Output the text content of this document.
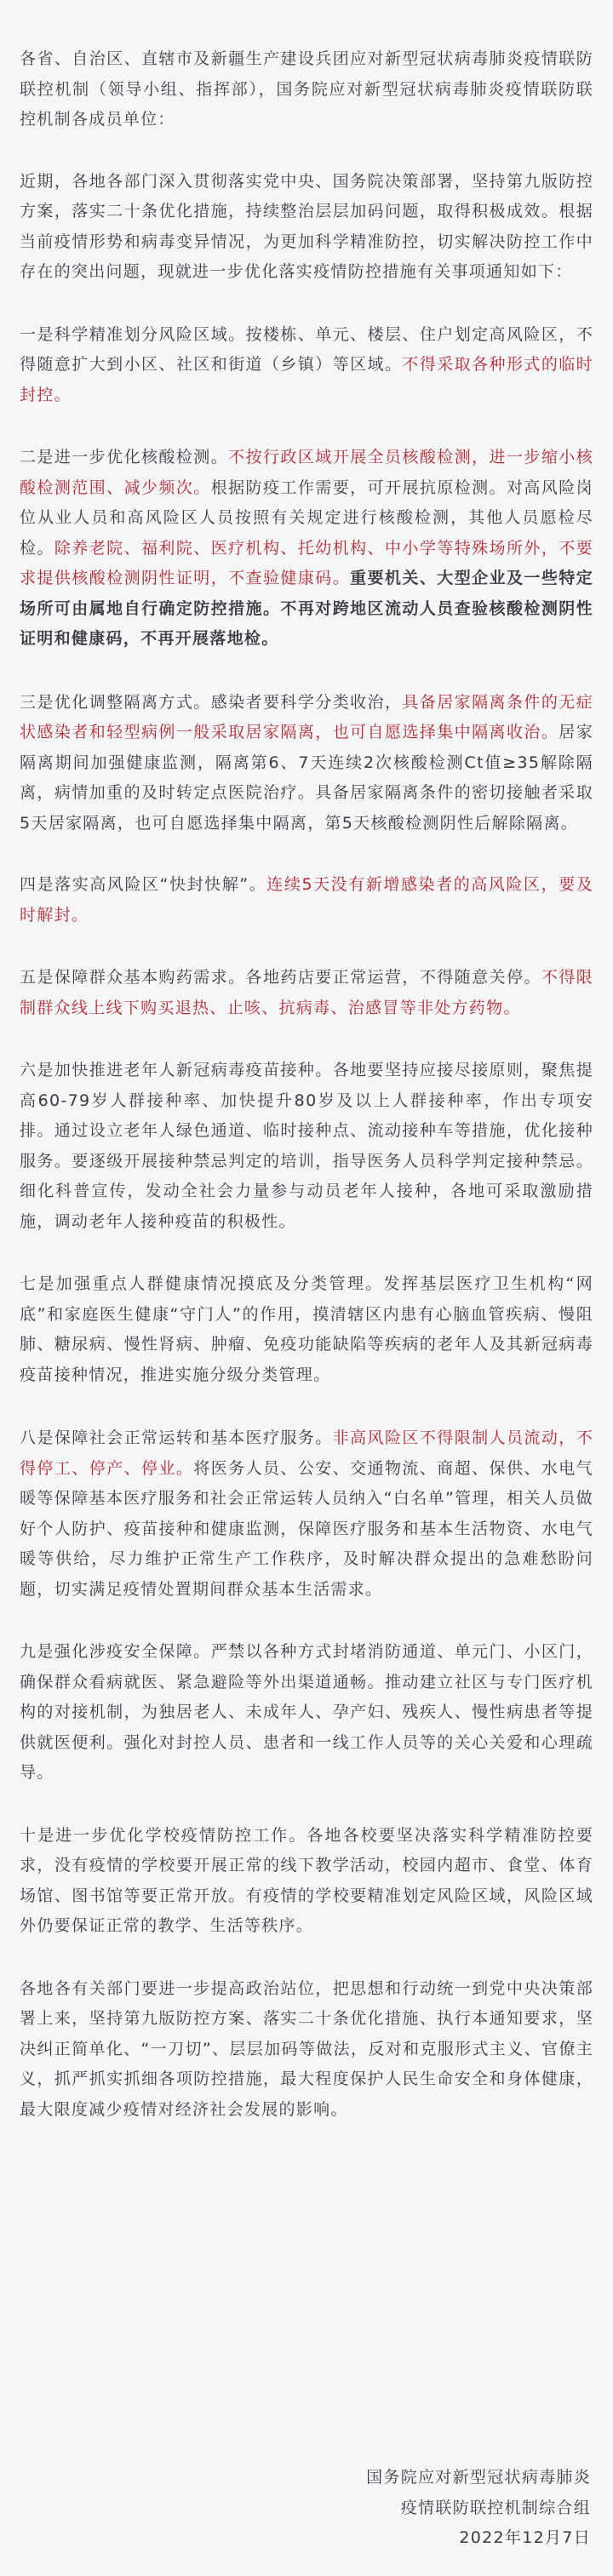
各省、自治区、直辖市及新疆生产建设兵团应对新型冠状病毒肺炎疫情联防联控机制（领导小组、指挥部），国务院应对新型冠状病毒肺炎疫情联防联控机制各成员单位：

近期，各地各部门深入贯彻落实党中央、国务院决策部署，坚持第九版防控方案，落实二十条优化措施，持续整治层层加码问题，取得积极成效。根据当前疫情形势和病毒变异情况，为更加科学精准防控，切实解决防控工作中存在的突出问题，现就进一步优化落实疫情防控措施有关事项通知如下：

一是科学精准划分风险区域。按楼栋、单元、楼层、住户划定高风险区，不得随意扩大到小区、社区和街道（乡镇）等区域。不得采取各种形式的临时封控。

二是进一步优化核酸检测。不按行政区域开展全员核酸检测，进一步缩小核酸检测范围、减少频次。根据防疫工作需要，可开展抗原检测。对高风险岗位从业人员和高风险区人员按照有关规定进行核酸检测，其他人员愿检尽检。除养老院、福利院、医疗机构、托幼机构、中小学等特殊场所外，不要求提供核酸检测阴性证明，不查验健康码。重要机关、大型企业及一些特定场所可由属地自行确定防控措施。不再对跨地区流动人员查验核酸检测阴性证明和健康码，不再开展落地检。

三是优化调整隔离方式。感染者要科学分类收治，具备居家隔离条件的无症状感染者和轻型病例一般采取居家隔离，也可自愿选择集中隔离收治。居家隔离期间加强健康监测，隔离第6、7天连续2次核酸检测Ct值≥35解除隔离，病情加重的及时转定点医院治疗。具备居家隔离条件的密切接触者采取5天居家隔离，也可自愿选择集中隔离，第5天核酸检测阴性后解除隔离。

四是落实高风险区“快封快解”。连续5天没有新增感染者的高风险区，要及时解封。

五是保障群众基本购药需求。各地药店要正常运营，不得随意关停。不得限制群众线上线下购买退热、止咳、抗病毒、治感冒等非处方药物。

六是加快推进老年人新冠病毒疫苗接种。各地要坚持应接尽接原则，聚焦提高60-79岁人群接种率、加快提升80岁及以上人群接种率，作出专项安排。通过设立老年人绿色通道、临时接种点、流动接种车等措施，优化接种服务。要逐级开展接种禁忌判定的培训，指导医务人员科学判定接种禁忌。细化科普宣传，发动全社会力量参与动员老年人接种，各地可采取激励措施，调动老年人接种疫苗的积极性。

七是加强重点人群健康情况摸底及分类管理。发挥基层医疗卫生机构“网底”和家庭医生健康“守门人”的作用，摸清辖区内患有心脑血管疾病、慢阻肺、糖尿病、慢性肾病、肿瘤、免疫功能缺陷等疾病的老年人及其新冠病毒疫苗接种情况，推进实施分级分类管理。

八是保障社会正常运转和基本医疗服务。非高风险区不得限制人员流动，不得停工、停产、停业。将医务人员、公安、交通物流、商超、保供、水电气暖等保障基本医疗服务和社会正常运转人员纳入“白名单”管理，相关人员做好个人防护、疫苗接种和健康监测，保障医疗服务和基本生活物资、水电气暖等供给，尽力维护正常生产工作秩序，及时解决群众提出的急难愁盼问题，切实满足疫情处置期间群众基本生活需求。

九是强化涉疫安全保障。严禁以各种方式封堵消防通道、单元门、小区门，确保群众看病就医、紧急避险等外出渠道通畅。推动建立社区与专门医疗机构的对接机制，为独居老人、未成年人、孕产妇、残疾人、慢性病患者等提供就医便利。强化对封控人员、患者和一线工作人员等的关心关爱和心理疏导。

十是进一步优化学校疫情防控工作。各地各校要坚决落实科学精准防控要求，没有疫情的学校要开展正常的线下教学活动，校园内超市、食堂、体育场馆、图书馆等要正常开放。有疫情的学校要精准划定风险区域，风险区域外仍要保证正常的教学、生活等秩序。

各地各有关部门要进一步提高政治站位，把思想和行动统一到党中央决策部署上来，坚持第九版防控方案、落实二十条优化措施、执行本通知要求，坚决纠正简单化、“一刀切”、层层加码等做法，反对和克服形式主义、官僚主义，抓严抓实抓细各项防控措施，最大程度保护人民生命安全和身体健康，最大限度减少疫情对经济社会发展的影响。

国务院应对新型冠状病毒肺炎
疫情联防联控机制综合组
2022年12月7日
